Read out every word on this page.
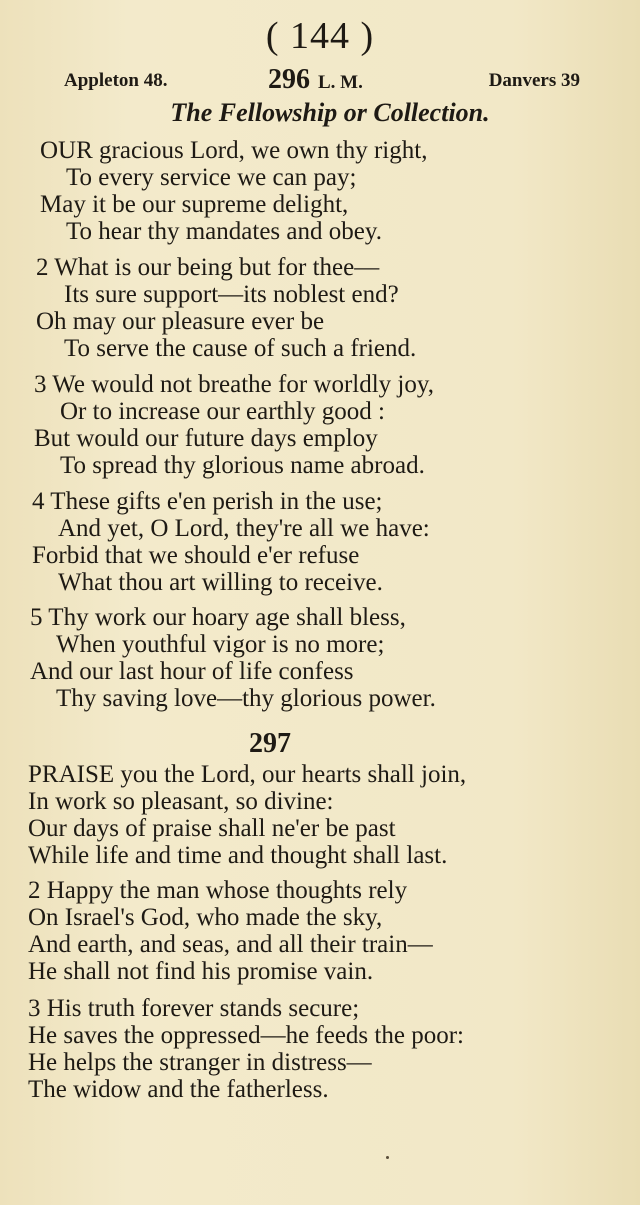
( 144 )
Appleton 48.	296 L. M.	Danvers 39
The Fellowship or Collection.
OUR gracious Lord, we own thy right,
To every service we can pay;
May it be our supreme delight,
To hear thy mandates and obey.
2 What is our being but for thee—
Its sure support—its noblest end?
Oh may our pleasure ever be
To serve the cause of such a friend.
3 We would not breathe for worldly joy,
Or to increase our earthly good :
But would our future days employ
To spread thy glorious name abroad.
4 These gifts e'en perish in the use;
And yet, O Lord, they're all we have:
Forbid that we should e'er refuse
What thou art willing to receive.
5 Thy work our hoary age shall bless,
When youthful vigor is no more;
And our last hour of life confess
Thy saving love—thy glorious power.
297
PRAISE you the Lord, our hearts shall join,
In work so pleasant, so divine:
Our days of praise shall ne'er be past
While life and time and thought shall last.
2 Happy the man whose thoughts rely
On Israel's God, who made the sky,
And earth, and seas, and all their train—
He shall not find his promise vain.
3 His truth forever stands secure;
He saves the oppressed—he feeds the poor:
He helps the stranger in distress—
The widow and the fatherless.
